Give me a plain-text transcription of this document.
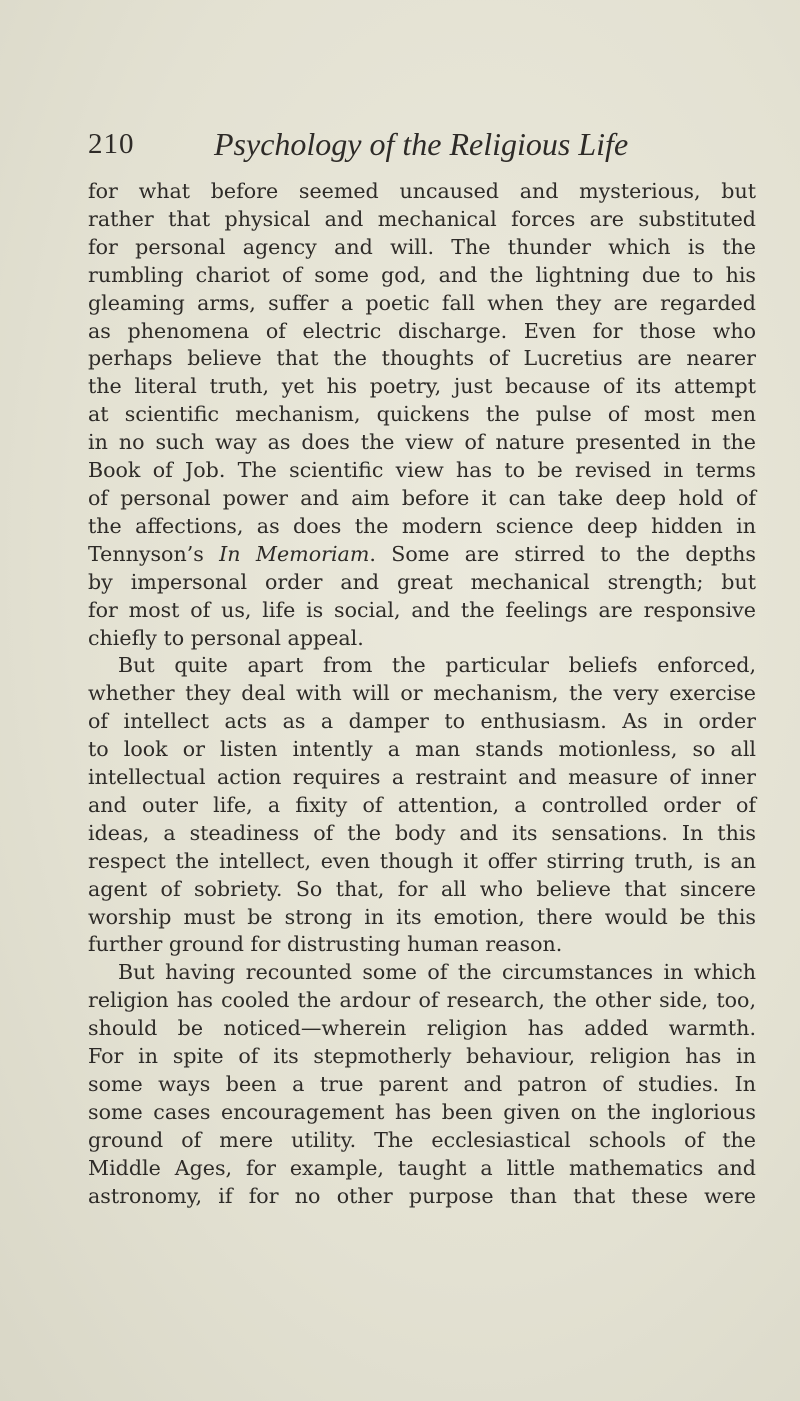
210 Psychology of the Religious Life
for what before seemed uncaused and mysterious, but
rather that physical and mechanical forces are substituted
for personal agency and will. The thunder which is the
rumbling chariot of some god, and the lightning due to his
gleaming arms, suffer a poetic fall when they are regarded
as phenomena of electric discharge. Even for those who
perhaps believe that the thoughts of Lucretius are nearer
the literal truth, yet his poetry, just because of its attempt
at scientific mechanism, quickens the pulse of most men
in no such way as does the view of nature presented in the
Book of Job. The scientific view has to be revised in terms
of personal power and aim before it can take deep hold of
the affections, as does the modern science deep hidden in
Tennyson’s In Memoriam. Some are stirred to the depths
by impersonal order and great mechanical strength; but
for most of us, life is social, and the feelings are responsive
chiefly to personal appeal.
But quite apart from the particular beliefs enforced,
whether they deal with will or mechanism, the very exercise
of intellect acts as a damper to enthusiasm. As in order
to look or listen intently a man stands motionless, so all
intellectual action requires a restraint and measure of inner
and outer life, a fixity of attention, a controlled order of
ideas, a steadiness of the body and its sensations. In this
respect the intellect, even though it offer stirring truth, is an
agent of sobriety. So that, for all who believe that sincere
worship must be strong in its emotion, there would be this
further ground for distrusting human reason.
But having recounted some of the circumstances in which
religion has cooled the ardour of research, the other side, too,
should be noticed—wherein religion has added warmth.
For in spite of its stepmotherly behaviour, religion has in
some ways been a true parent and patron of studies. In
some cases encouragement has been given on the inglorious
ground of mere utility. The ecclesiastical schools of the
Middle Ages, for example, taught a little mathematics and
astronomy, if for no other purpose than that these were
